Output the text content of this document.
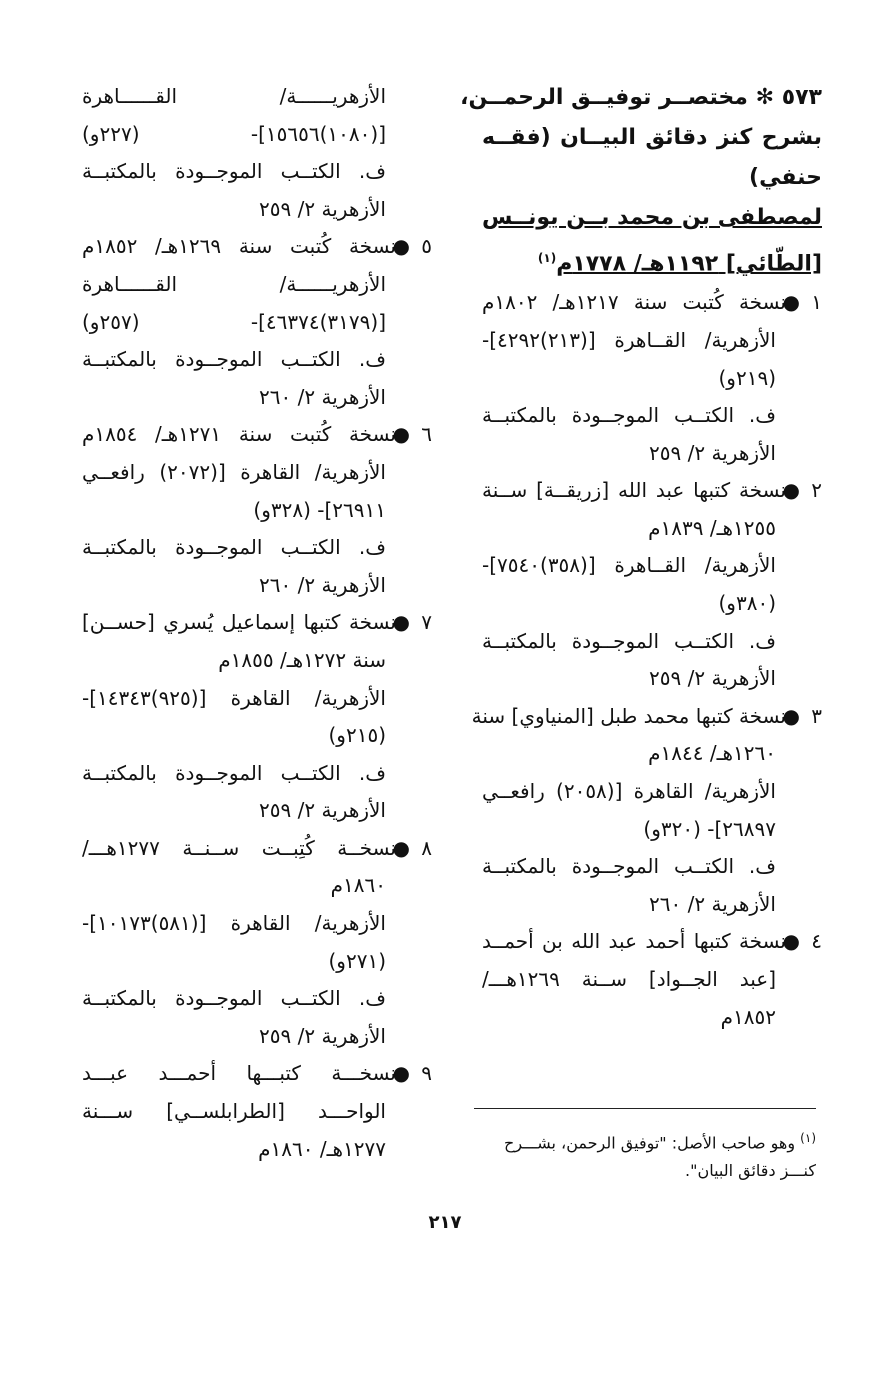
٥٧٣ ✻ مختصــر توفيــق الرحمــن،
بشرح كنز دقائق البيــان (فقــه
حنفي)
لمصطفى بن محمد بــن يونــس
[الطّائي] ١١٩٢هـ/ ١٧٧٨م$^{(١)}$
١●نسخة كُتبت سنة ١٢١٧هـ/ ١٨٠٢م
الأزهرية/ القــاهرة [(٢١٣)٤٢٩٢]-
(٢١٩و)
ف. الكتــب الموجــودة بالمكتبــة
الأزهرية ٢/ ٢٥٩
٢●نسخة كتبها عبد الله [زريقــة] ســنة
١٢٥٥هـ/ ١٨٣٩م
الأزهرية/ القــاهرة [(٣٥٨)٧٥٤٠]-
(٣٨٠و)
ف. الكتــب الموجــودة بالمكتبــة
الأزهرية ٢/ ٢٥٩
٣●نسخة كتبها محمد طبل [المنياوي] سنة
١٢٦٠هـ/ ١٨٤٤م
الأزهرية/ القاهرة [(٢٠٥٨) رافعــي
٢٦٨٩٧]- (٣٢٠و)
ف. الكتــب الموجــودة بالمكتبــة
الأزهرية ٢/ ٢٦٠
٤●نسخة كتبها أحمد عبد الله بن أحمــد
[عبد الجــواد] ســنة ١٢٦٩هـــ/
١٨٥٢م
الأزهريــــــة/ القــــــاهرة
[(١٠٨٠)١٥٦٥٦]- (٢٢٧و)
ف. الكتــب الموجــودة بالمكتبــة
الأزهرية ٢/ ٢٥٩
٥●نسخة كُتبت سنة ١٢٦٩هـ/ ١٨٥٢م
الأزهريــــــة/ القــــــاهرة
[(٣١٧٩)٤٦٣٧٤]- (٢٥٧و)
ف. الكتــب الموجــودة بالمكتبــة
الأزهرية ٢/ ٢٦٠
٦●نسخة كُتبت سنة ١٢٧١هـ/ ١٨٥٤م
الأزهرية/ القاهرة [(٢٠٧٢) رافعــي
٢٦٩١١]- (٣٢٨و)
ف. الكتــب الموجــودة بالمكتبــة
الأزهرية ٢/ ٢٦٠
٧●نسخة كتبها إسماعيل يُسري [حســن]
سنة ١٢٧٢هـ/ ١٨٥٥م
الأزهرية/ القاهرة [(٩٢٥)١٤٣٤٣]-
(٢١٥و)
ف. الكتــب الموجــودة بالمكتبــة
الأزهرية ٢/ ٢٥٩
٨●نسخــة كُتِبــت ســنــة ١٢٧٧هـــ/
١٨٦٠م
الأزهرية/ القاهرة [(٥٨١)١٠١٧٣]-
(٢٧١و)
ف. الكتــب الموجــودة بالمكتبــة
الأزهرية ٢/ ٢٥٩
٩●نسخـــة كتبـــها أحمـــد عبـــد
الواحـــد [الطرابلســي] ســـنة
١٢٧٧هـ/ ١٨٦٠م	$^{(١)}$ وهو صاحب الأصل: "توفيق الرحمن، بشـــرح
كنـــز دقائق البيان".
٢١٧
